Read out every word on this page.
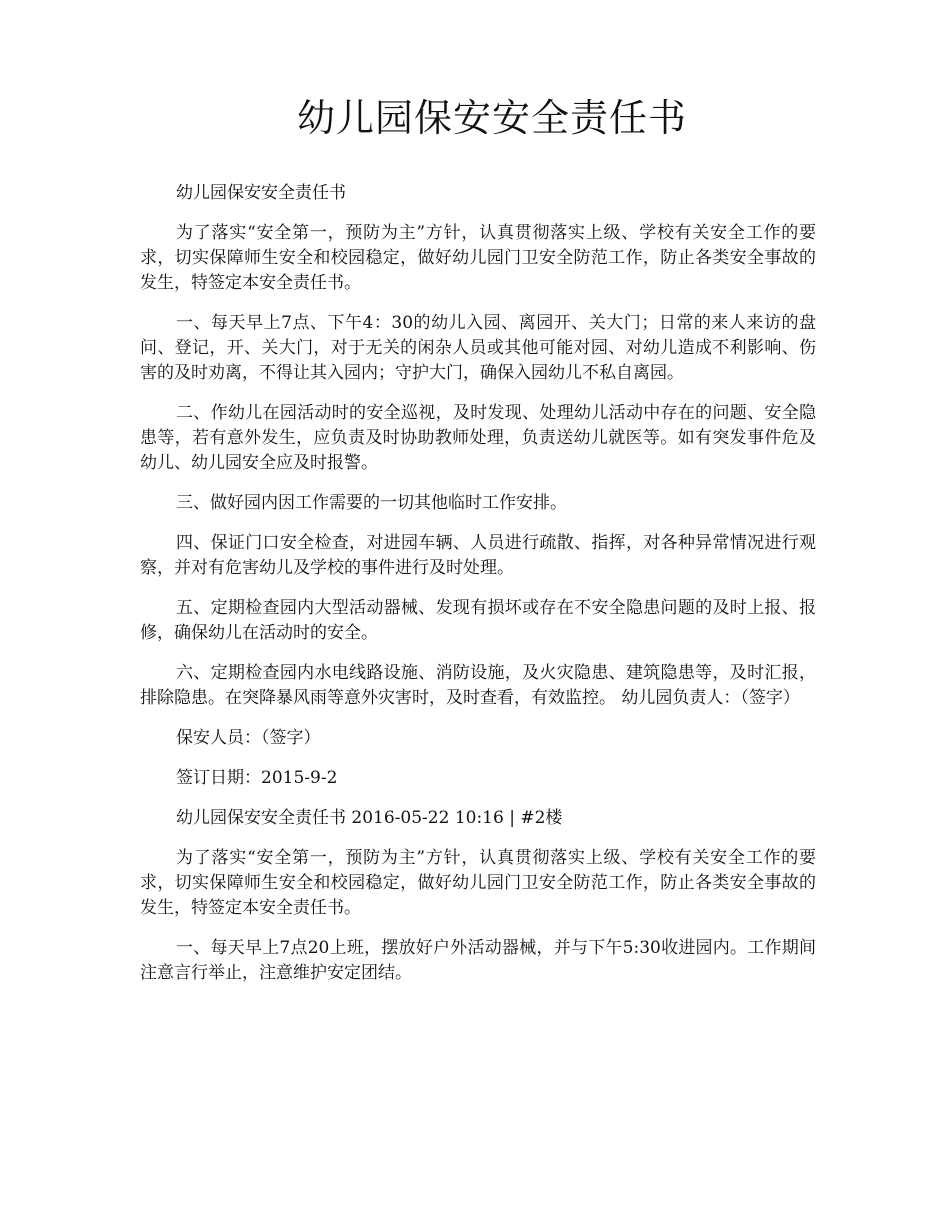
幼儿园保安安全责任书

幼儿园保安安全责任书

为了落实“安全第一，预防为主”方针，认真贯彻落实上级、学校有关安全工作的要求，切实保障师生安全和校园稳定，做好幼儿园门卫安全防范工作，防止各类安全事故的发生，特签定本安全责任书。

一、每天早上7点、下午4：30的幼儿入园、离园开、关大门；日常的来人来访的盘问、登记，开、关大门，对于无关的闲杂人员或其他可能对园、对幼儿造成不利影响、伤害的及时劝离，不得让其入园内；守护大门，确保入园幼儿不私自离园。

二、作幼儿在园活动时的安全巡视，及时发现、处理幼儿活动中存在的问题、安全隐患等，若有意外发生，应负责及时协助教师处理，负责送幼儿就医等。如有突发事件危及幼儿、幼儿园安全应及时报警。

三、做好园内因工作需要的一切其他临时工作安排。

四、保证门口安全检查，对进园车辆、人员进行疏散、指挥，对各种异常情况进行观察，并对有危害幼儿及学校的事件进行及时处理。

五、定期检查园内大型活动器械、发现有损坏或存在不安全隐患问题的及时上报、报修，确保幼儿在活动时的安全。

六、定期检查园内水电线路设施、消防设施，及火灾隐患、建筑隐患等，及时汇报，排除隐患。在突降暴风雨等意外灾害时，及时查看，有效监控。 幼儿园负责人：（签字）

保安人员：（签字）

签订日期：2015-9-2

幼儿园保安安全责任书 2016-05-22 10:16 | #2楼

为了落实“安全第一，预防为主”方针，认真贯彻落实上级、学校有关安全工作的要求，切实保障师生安全和校园稳定，做好幼儿园门卫安全防范工作，防止各类安全事故的发生，特签定本安全责任书。

一、每天早上7点20上班，摆放好户外活动器械，并与下午5:30收进园内。工作期间注意言行举止，注意维护安定团结。
